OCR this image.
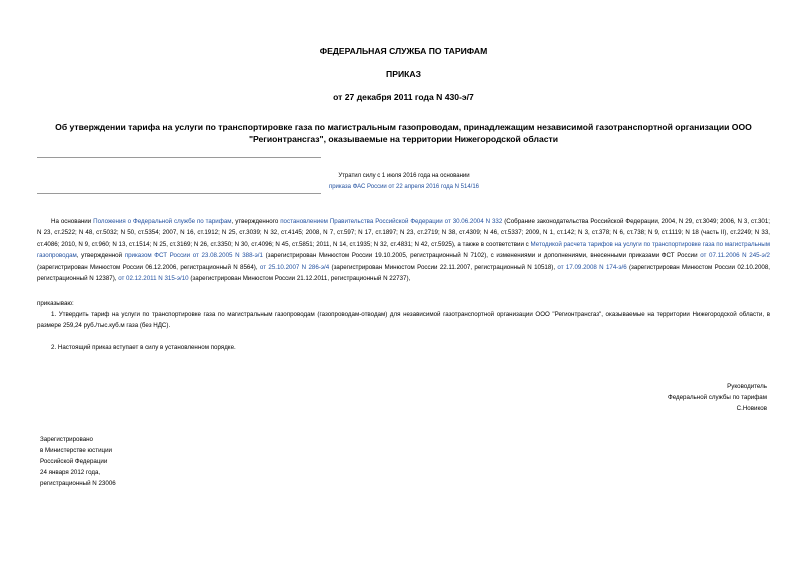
ФЕДЕРАЛЬНАЯ СЛУЖБА ПО ТАРИФАМ
ПРИКАЗ
от 27 декабря 2011 года N 430-э/7
Об утверждении тарифа на услуги по транспортировке газа по магистральным газопроводам, принадлежащим независимой газотранспортной организации ООО "Регионтрансгаз", оказываемые на территории Нижегородской области
Утратил силу с 1 июля 2016 года на основании
приказа ФАС России от 22 апреля 2016 года N 514/16

На основании Положения о Федеральной службе по тарифам, утвержденного постановлением Правительства Российской Федерации от 30.06.2004 N 332 (Собрание законодательства Российской Федерации, 2004, N 29, ст.3049; 2006, N 3, ст.301; N 23, ст.2522; N 48, ст.5032; N 50, ст.5354; 2007, N 16, ст.1912; N 25, ст.3039; N 32, ст.4145; 2008, N 7, ст.597; N 17, ст.1897; N 23, ст.2719; N 38, ст.4309; N 46, ст.5337; 2009, N 1, ст.142; N 3, ст.378; N 6, ст.738; N 9, ст.1119; N 18 (часть II), ст.2249; N 33, ст.4086; 2010, N 9, ст.960; N 13, ст.1514; N 25, ст.3169; N 26, ст.3350; N 30, ст.4096; N 45, ст.5851; 2011, N 14, ст.1935; N 32, ст.4831; N 42, ст.5925), а также в соответствии с Методикой расчета тарифов на услуги по транспортировке газа по магистральным газопроводам, утвержденной приказом ФСТ России от 23.08.2005 N 388-э/1 (зарегистрирован Минюстом России 19.10.2005, регистрационный N 7102), с изменениями и дополнениями, внесенными приказами ФСТ России от 07.11.2006 N 245-э/2 (зарегистрирован Минюстом России 06.12.2006, регистрационный N 8564), от 25.10.2007 N 286-э/4 (зарегистрирован Минюстом России 22.11.2007, регистрационный N 10518), от 17.09.2008 N 174-э/6 (зарегистрирован Минюстом России 02.10.2008, регистрационный N 12387), от 02.12.2011 N 315-э/10 (зарегистрирован Минюстом России 21.12.2011, регистрационный N 22737),

приказываю:

1. Утвердить тариф на услуги по транспортировке газа по магистральным газопроводам (газопроводам-отводам) для независимой газотранспортной организации ООО "Регионтрансгаз", оказываемые на территории Нижегородской области, в размере 259,24 руб./тыс.куб.м газа (без НДС).

2. Настоящий приказ вступает в силу в установленном порядке.
Руководитель
Федеральной службы по тарифам
С.Новиков
Зарегистрировано
в Министерстве юстиции
Российской Федерации
24 января 2012 года,
регистрационный N 23006
